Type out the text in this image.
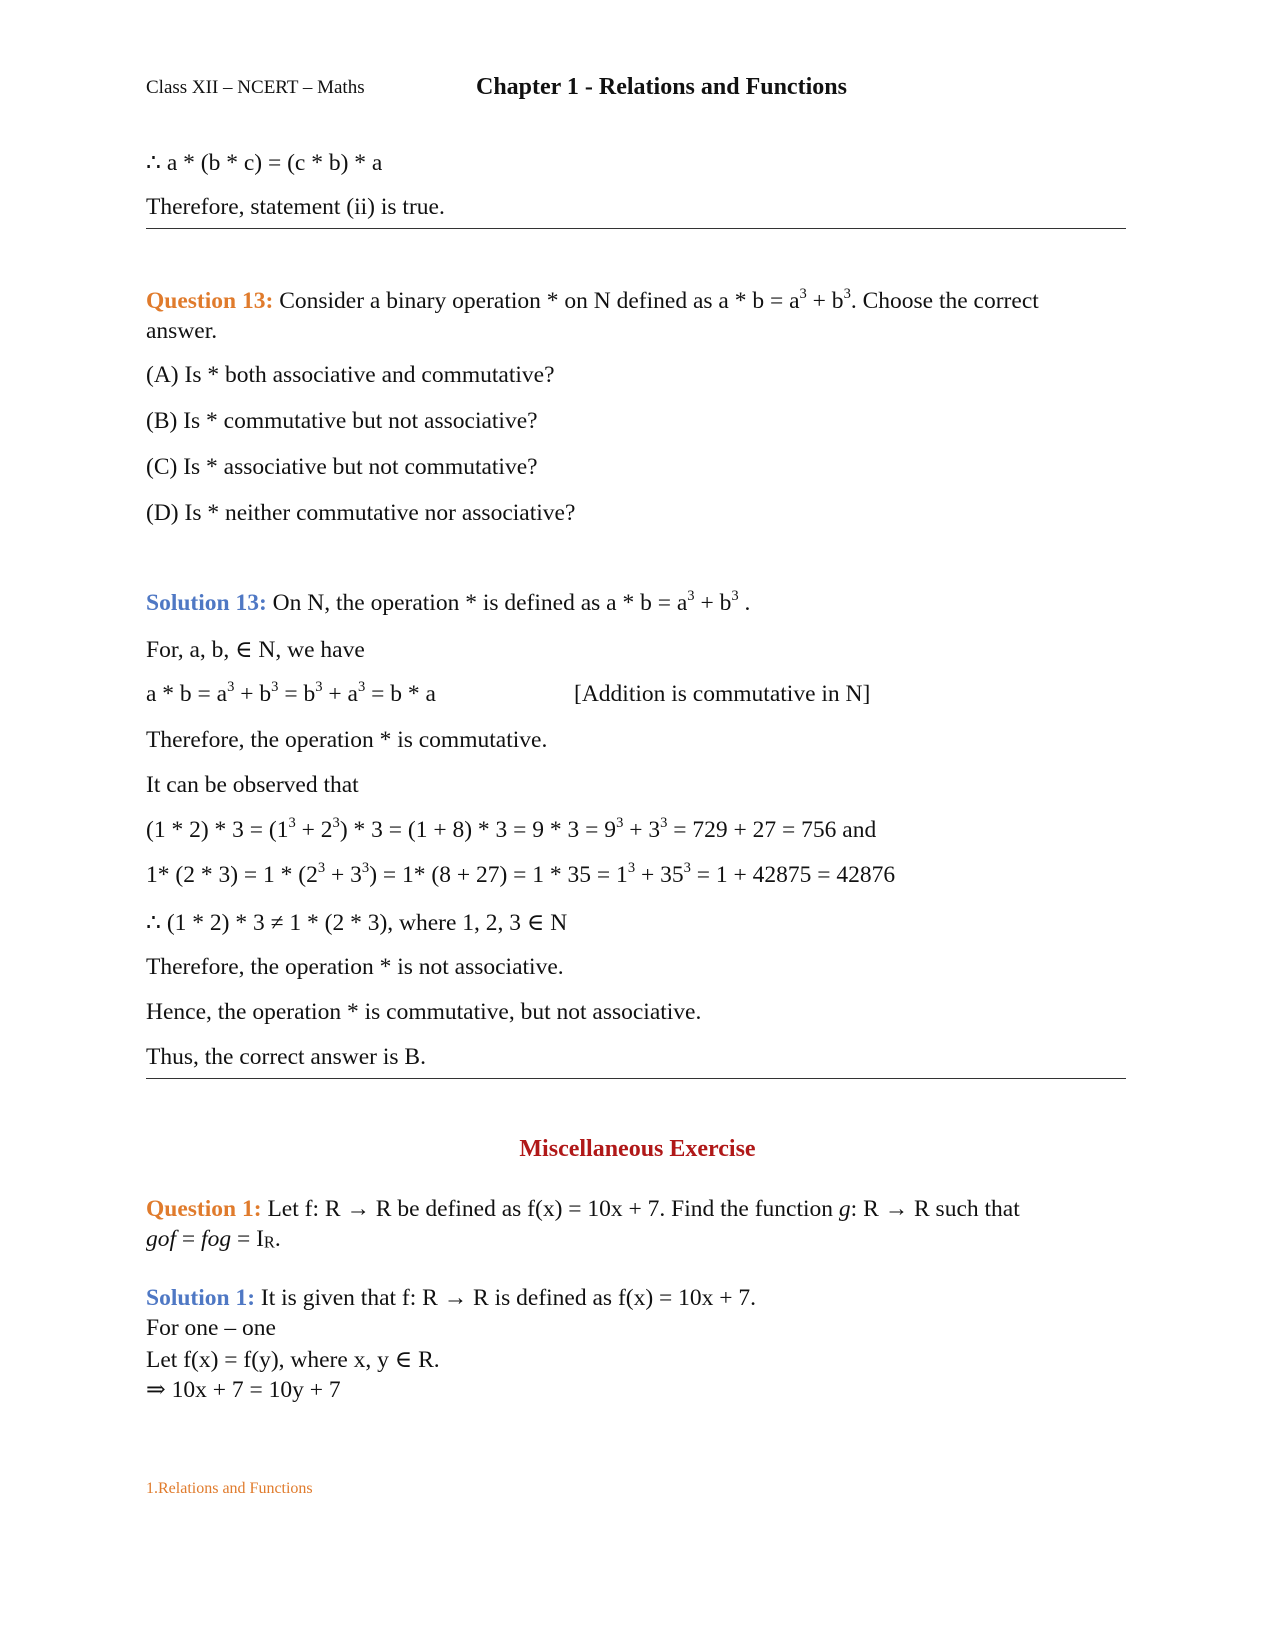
Class XII – NCERT – Maths	Chapter 1 - Relations and Functions
∴ a * (b * c) = (c * b) * a
Therefore, statement (ii) is true.
Question 13: Consider a binary operation * on N defined as $a * b = a^3 + b^3$. Choose the correct
answer.
(A) Is * both associative and commutative?
(B) Is * commutative but not associative?
(C) Is * associative but not commutative?
(D) Is * neither commutative nor associative?
Solution 13: On N, the operation * is defined as $a * b = a^3 + b^3$ .
For, a, b, ∈ N, we have
$a * b = a^3 + b^3 = b^3 + a^3 = b * a$	[Addition is commutative in N]
Therefore, the operation * is commutative.
It can be observed that
$(1 * 2) * 3 = (1^3 + 2^3) * 3 = (1 + 8) * 3 = 9 * 3 = 9^3 + 3^3 = 729 + 27 = 756$ and
1* $(2 * 3) = 1 * (2^3 + 3^3) = 1*$ $(8 + 27) = 1 * 35 = 1^3 + 35^3 = 1 + 42875 = 42876$
∴ (1 * 2) * 3 ≠ 1 * (2 * 3), where 1, 2, 3 ∈ N
Therefore, the operation * is not associative.
Hence, the operation * is commutative, but not associative.
Thus, the correct answer is B.
Miscellaneous Exercise
Question 1: Let f: R → R be defined as f(x) = 10x + 7. Find the function g: R → R such that
gof = fog = $I_R$.
Solution 1: It is given that f: R → R is defined as f(x) = 10x + 7.
For one – one
Let f(x) = f(y), where x, y ∈ R.
⇒ 10x + 7 = 10y + 7
1.Relations and Functions
